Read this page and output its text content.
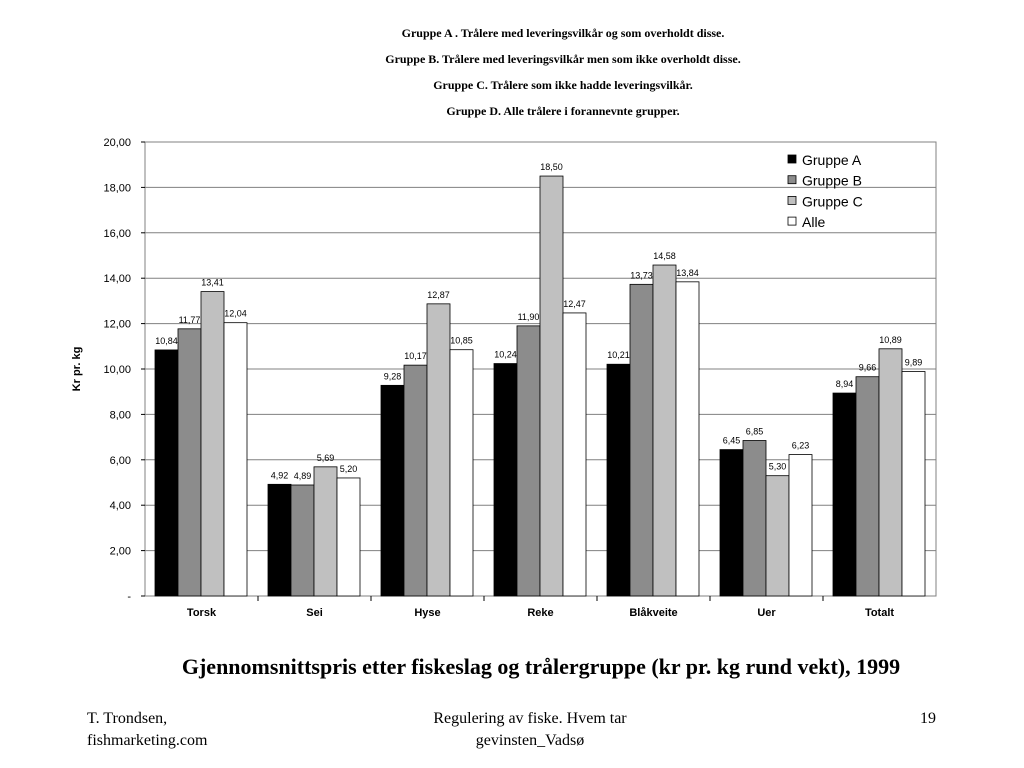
Gruppe A . Trålere med leveringsvilkår og som overholdt disse.
Gruppe B. Trålere med leveringsvilkår men som ikke overholdt disse.
Gruppe C. Trålere som ikke hadde leveringsvilkår.
Gruppe D. Alle trålere i forannevnte grupper.
-
2,00
4,00
6,00
8,00
10,00
12,00
14,00
16,00
18,00
20,00
Kr pr. kg
10,84
11,77
13,41
12,04
Torsk
4,92 4,89
5,69
5,20
Sei
9,28
10,17
12,87
10,85
Hyse
10,24
11,90
18,50
12,47
Reke
10,21
13,73
14,58
13,84
Blåkveite
6,45
6,85
5,30
6,23
Uer
8,94
9,66
10,89
9,89
Totalt
Gruppe A
Gruppe B
Gruppe C
Alle
Gjennomsnittspris etter fiskeslag og trålergruppe (kr pr. kg rund vekt), 1999
T. Trondsen,
fishmarketing.com
Regulering av fiske. Hvem tar
gevinsten_Vadsø
19
